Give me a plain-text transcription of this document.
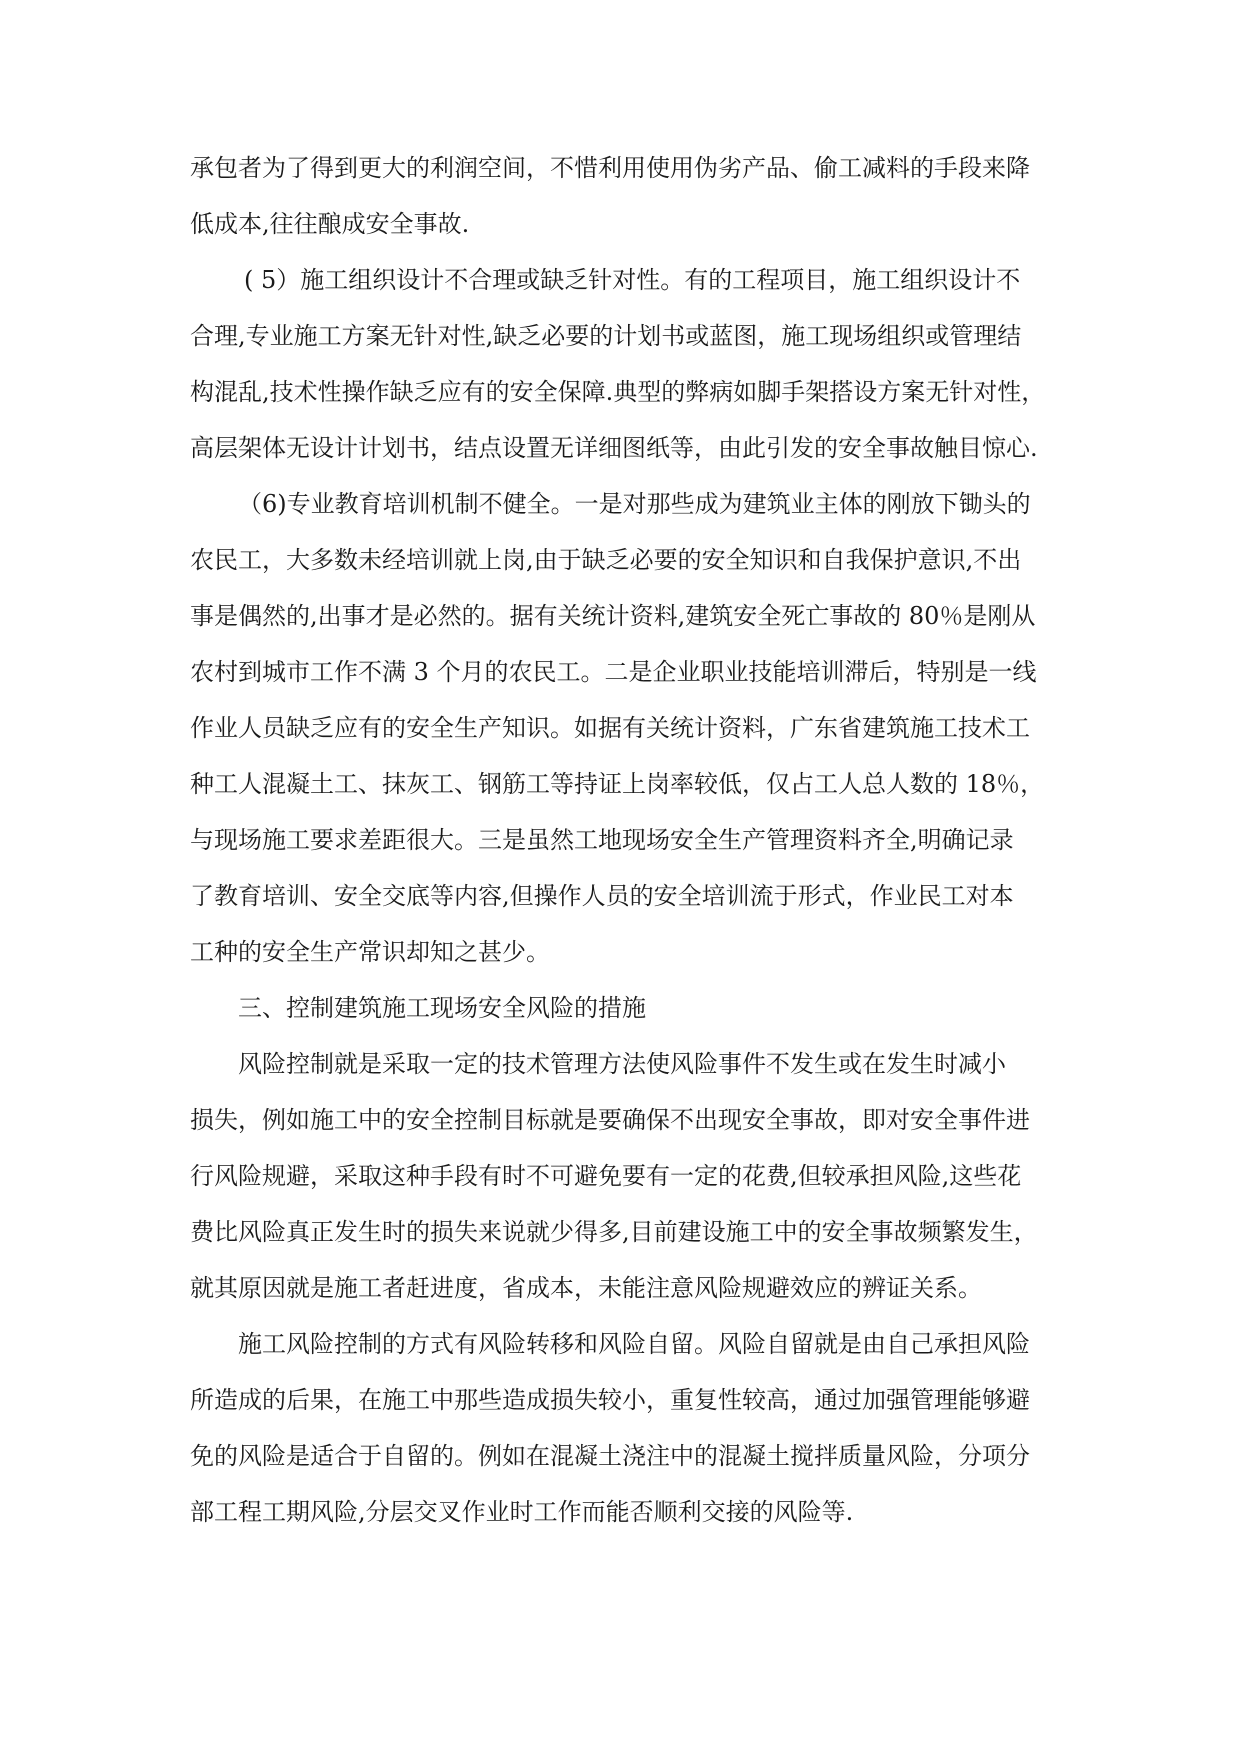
承包者为了得到更大的利润空间，不惜利用使用伪劣产品、偷工减料的手段来降
低成本,往往酿成安全事故.
( 5）施工组织设计不合理或缺乏针对性。有的工程项目，施工组织设计不
合理,专业施工方案无针对性,缺乏必要的计划书或蓝图，施工现场组织或管理结
构混乱,技术性操作缺乏应有的安全保障.典型的弊病如脚手架搭设方案无针对性，
高层架体无设计计划书，结点设置无详细图纸等，由此引发的安全事故触目惊心.
（6)专业教育培训机制不健全。一是对那些成为建筑业主体的刚放下锄头的
农民工，大多数未经培训就上岗,由于缺乏必要的安全知识和自我保护意识,不出
事是偶然的,出事才是必然的。据有关统计资料,建筑安全死亡事故的 80％是刚从
农村到城市工作不满 3 个月的农民工。二是企业职业技能培训滞后，特别是一线
作业人员缺乏应有的安全生产知识。如据有关统计资料，广东省建筑施工技术工
种工人混凝土工、抹灰工、钢筋工等持证上岗率较低，仅占工人总人数的 18％，
与现场施工要求差距很大。三是虽然工地现场安全生产管理资料齐全,明确记录
了教育培训、安全交底等内容,但操作人员的安全培训流于形式，作业民工对本
工种的安全生产常识却知之甚少。
三、控制建筑施工现场安全风险的措施
风险控制就是采取一定的技术管理方法使风险事件不发生或在发生时减小
损失，例如施工中的安全控制目标就是要确保不出现安全事故，即对安全事件进
行风险规避，采取这种手段有时不可避免要有一定的花费,但较承担风险,这些花
费比风险真正发生时的损失来说就少得多,目前建设施工中的安全事故频繁发生，
就其原因就是施工者赶进度，省成本，未能注意风险规避效应的辨证关系。
施工风险控制的方式有风险转移和风险自留。风险自留就是由自己承担风险
所造成的后果，在施工中那些造成损失较小，重复性较高，通过加强管理能够避
免的风险是适合于自留的。例如在混凝土浇注中的混凝土搅拌质量风险，分项分
部工程工期风险,分层交叉作业时工作而能否顺利交接的风险等.
